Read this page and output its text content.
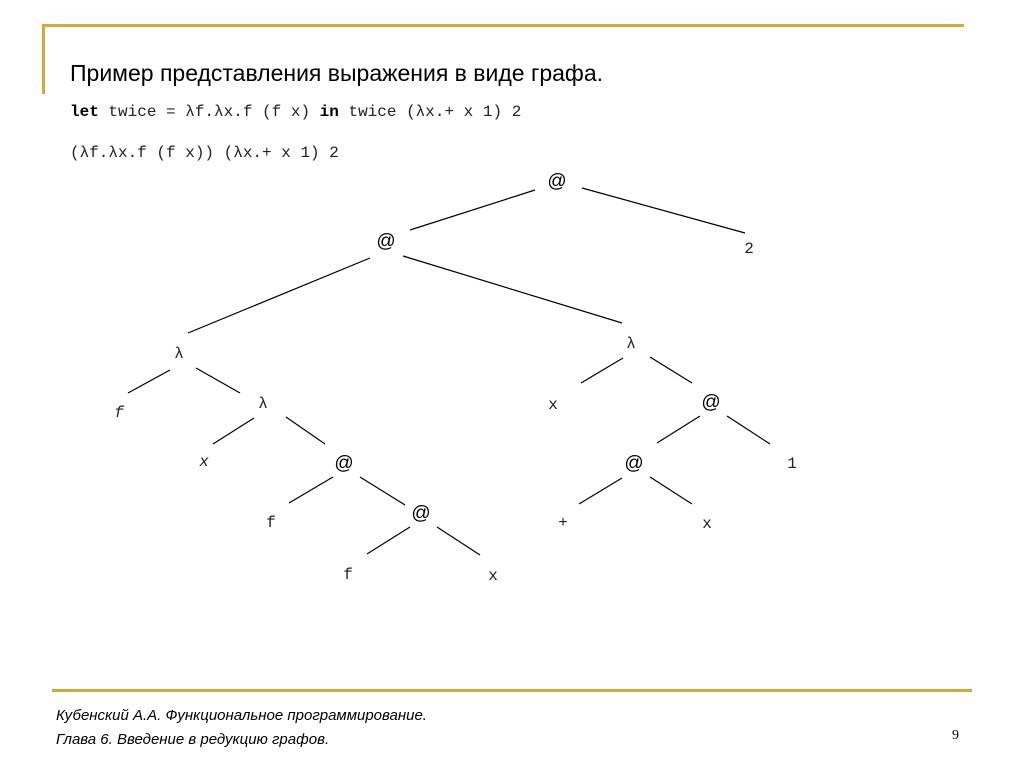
Пример представления выражения в виде графа.
let twice = λf.λx.f (f x) in twice (λx.+ x 1) 2
(λf.λx.f (f x)) (λx.+ x 1) 2
@
@	2
λ
f	λ
x	@
f	@
f	x
λ
x	@
1
@
+	x
Кубенский А.А. Функциональное программирование.
Глава 6. Введение в редукцию графов.	9
